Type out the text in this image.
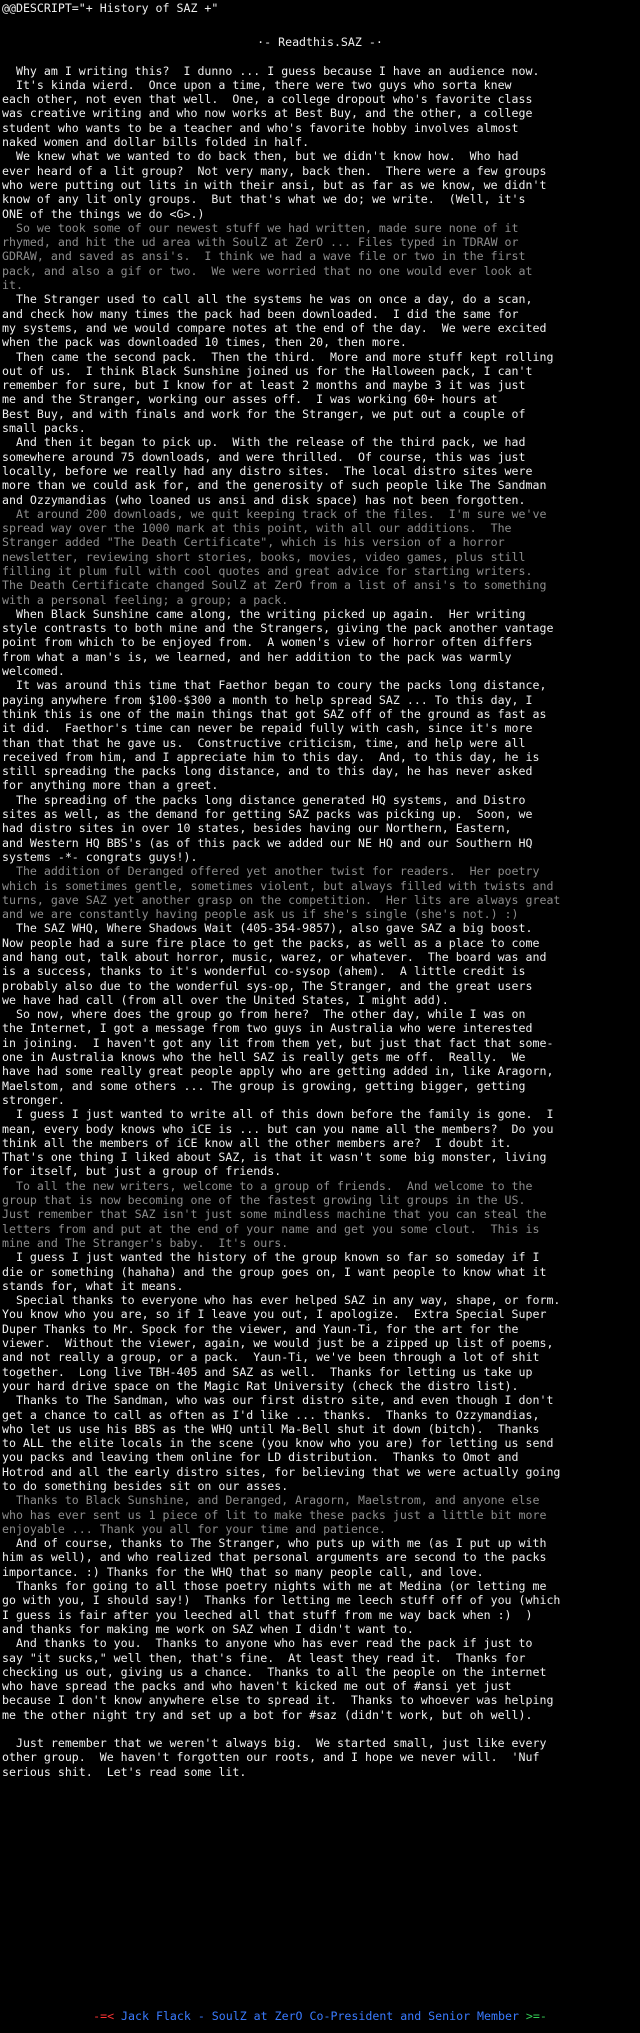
@@DESCRIPT="+ History of SAZ +"
·- Readthis.SAZ -·
Why am I writing this?  I dunno ... I guess because I have an audience now.
It's kinda wierd.  Once upon a time, there were two guys who sorta knew
each other, not even that well.  One, a college dropout who's favorite class
was creative writing and who now works at Best Buy, and the other, a college
student who wants to be a teacher and who's favorite hobby involves almost
naked women and dollar bills folded in half.
We knew what we wanted to do back then, but we didn't know how.  Who had
ever heard of a lit group?  Not very many, back then.  There were a few groups
who were putting out lits in with their ansi, but as far as we know, we didn't
know of any lit only groups.  But that's what we do; we write.  (Well, it's
ONE of the things we do <G>.)
So we took some of our newest stuff we had written, made sure none of it
rhymed, and hit the ud area with SoulZ at ZerO ... Files typed in TDRAW or
GDRAW, and saved as ansi's.  I think we had a wave file or two in the first
pack, and also a gif or two.  We were worried that no one would ever look at
it.
The Stranger used to call all the systems he was on once a day, do a scan,
and check how many times the pack had been downloaded.  I did the same for
my systems, and we would compare notes at the end of the day.  We were excited
when the pack was downloaded 10 times, then 20, then more.
Then came the second pack.  Then the third.  More and more stuff kept rolling
out of us.  I think Black Sunshine joined us for the Halloween pack, I can't
remember for sure, but I know for at least 2 months and maybe 3 it was just
me and the Stranger, working our asses off.  I was working 60+ hours at
Best Buy, and with finals and work for the Stranger, we put out a couple of
small packs.
And then it began to pick up.  With the release of the third pack, we had
somewhere around 75 downloads, and were thrilled.  Of course, this was just
locally, before we really had any distro sites.  The local distro sites were
more than we could ask for, and the generosity of such people like The Sandman
and Ozzymandias (who loaned us ansi and disk space) has not been forgotten.
At around 200 downloads, we quit keeping track of the files.  I'm sure we've
spread way over the 1000 mark at this point, with all our additions.  The
Stranger added "The Death Certificate", which is his version of a horror
newsletter, reviewing short stories, books, movies, video games, plus still
filling it plum full with cool quotes and great advice for starting writers.
The Death Certificate changed SoulZ at ZerO from a list of ansi's to something
with a personal feeling; a group; a pack.
When Black Sunshine came along, the writing picked up again.  Her writing
style contrasts to both mine and the Strangers, giving the pack another vantage
point from which to be enjoyed from.  A women's view of horror often differs
from what a man's is, we learned, and her addition to the pack was warmly
welcomed.
It was around this time that Faethor began to coury the packs long distance,
paying anywhere from $100-$300 a month to help spread SAZ ... To this day, I
think this is one of the main things that got SAZ off of the ground as fast as
it did.  Faethor's time can never be repaid fully with cash, since it's more
than that that he gave us.  Constructive criticism, time, and help were all
received from him, and I appreciate him to this day.  And, to this day, he is
still spreading the packs long distance, and to this day, he has never asked
for anything more than a greet.
The spreading of the packs long distance generated HQ systems, and Distro
sites as well, as the demand for getting SAZ packs was picking up.  Soon, we
had distro sites in over 10 states, besides having our Northern, Eastern,
and Western HQ BBS's (as of this pack we added our NE HQ and our Southern HQ
systems -*- congrats guys!).
The addition of Deranged offered yet another twist for readers.  Her poetry
which is sometimes gentle, sometimes violent, but always filled with twists and
turns, gave SAZ yet another grasp on the competition.  Her lits are always great
and we are constantly having people ask us if she's single (she's not.) :)
The SAZ WHQ, Where Shadows Wait (405-354-9857), also gave SAZ a big boost.
Now people had a sure fire place to get the packs, as well as a place to come
and hang out, talk about horror, music, warez, or whatever.  The board was and
is a success, thanks to it's wonderful co-sysop (ahem).  A little credit is
probably also due to the wonderful sys-op, The Stranger, and the great users
we have had call (from all over the United States, I might add).
So now, where does the group go from here?  The other day, while I was on
the Internet, I got a message from two guys in Australia who were interested
in joining.  I haven't got any lit from them yet, but just that fact that some-
one in Australia knows who the hell SAZ is really gets me off.  Really.  We
have had some really great people apply who are getting added in, like Aragorn,
Maelstom, and some others ... The group is growing, getting bigger, getting
stronger.
I guess I just wanted to write all of this down before the family is gone.  I
mean, every body knows who iCE is ... but can you name all the members?  Do you
think all the members of iCE know all the other members are?  I doubt it.
That's one thing I liked about SAZ, is that it wasn't some big monster, living
for itself, but just a group of friends.
To all the new writers, welcome to a group of friends.  And welcome to the
group that is now becoming one of the fastest growing lit groups in the US.
Just remember that SAZ isn't just some mindless machine that you can steal the
letters from and put at the end of your name and get you some clout.  This is
mine and The Stranger's baby.  It's ours.
I guess I just wanted the history of the group known so far so someday if I
die or something (hahaha) and the group goes on, I want people to know what it
stands for, what it means.
Special thanks to everyone who has ever helped SAZ in any way, shape, or form.
You know who you are, so if I leave you out, I apologize.  Extra Special Super
Duper Thanks to Mr. Spock for the viewer, and Yaun-Ti, for the art for the
viewer.  Without the viewer, again, we would just be a zipped up list of poems,
and not really a group, or a pack.  Yaun-Ti, we've been through a lot of shit
together.  Long live TBH-405 and SAZ as well.  Thanks for letting us take up
your hard drive space on the Magic Rat University (check the distro list).
Thanks to The Sandman, who was our first distro site, and even though I don't
get a chance to call as often as I'd like ... thanks.  Thanks to Ozzymandias,
who let us use his BBS as the WHQ until Ma-Bell shut it down (bitch).  Thanks
to ALL the elite locals in the scene (you know who you are) for letting us send
you packs and leaving them online for LD distribution.  Thanks to Omot and
Hotrod and all the early distro sites, for believing that we were actually going
to do something besides sit on our asses.
Thanks to Black Sunshine, and Deranged, Aragorn, Maelstrom, and anyone else
who has ever sent us 1 piece of lit to make these packs just a little bit more
enjoyable ... Thank you all for your time and patience.
And of course, thanks to The Stranger, who puts up with me (as I put up with
him as well), and who realized that personal arguments are second to the packs
importance. :) Thanks for the WHQ that so many people call, and love.
Thanks for going to all those poetry nights with me at Medina (or letting me
go with you, I should say!)  Thanks for letting me leech stuff off of you (which
I guess is fair after you leeched all that stuff from me way back when :)  )
and thanks for making me work on SAZ when I didn't want to.
And thanks to you.  Thanks to anyone who has ever read the pack if just to
say "it sucks," well then, that's fine.  At least they read it.  Thanks for
checking us out, giving us a chance.  Thanks to all the people on the internet
who have spread the packs and who haven't kicked me out of #ansi yet just
because I don't know anywhere else to spread it.  Thanks to whoever was helping
me the other night try and set up a bot for #saz (didn't work, but oh well).
Just remember that we weren't always big.  We started small, just like every
other group.  We haven't forgotten our roots, and I hope we never will.  'Nuf
serious shit.  Let's read some lit.
-=< Jack Flack - SoulZ at ZerO Co-President and Senior Member >=-
